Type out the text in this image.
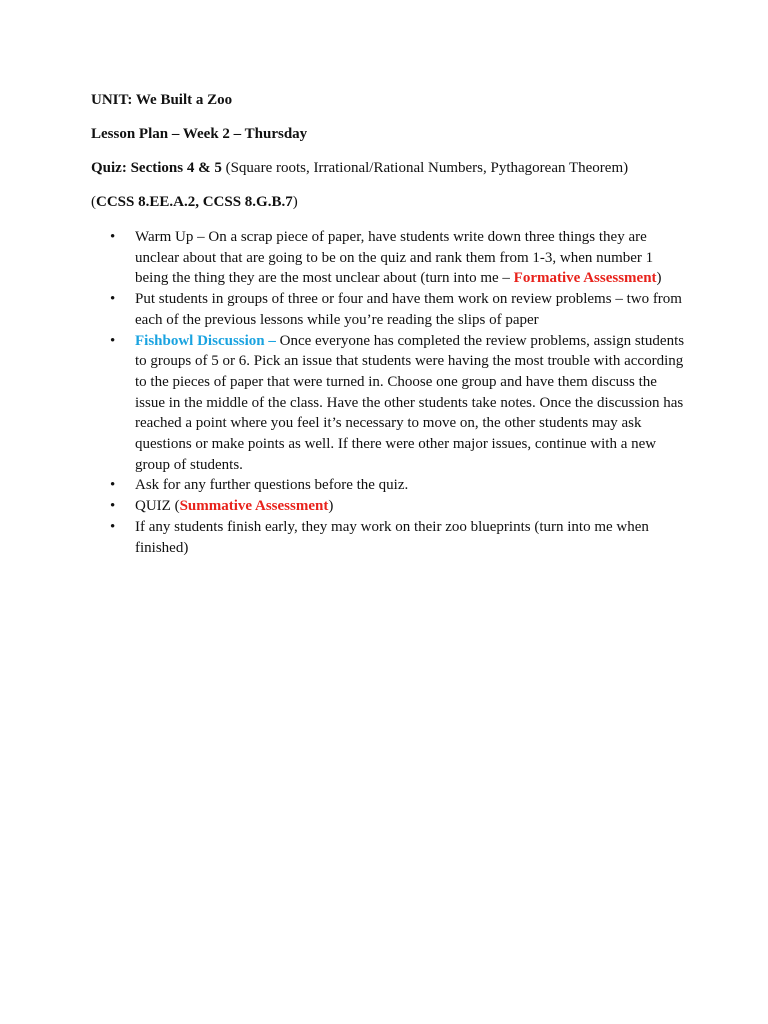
UNIT: We Built a Zoo
Lesson Plan – Week 2 – Thursday
Quiz: Sections 4 & 5 (Square roots, Irrational/Rational Numbers, Pythagorean Theorem)
(CCSS 8.EE.A.2, CCSS 8.G.B.7)
• Warm Up – On a scrap piece of paper, have students write down three things they are unclear about that are going to be on the quiz and rank them from 1-3, when number 1 being the thing they are the most unclear about (turn into me – Formative Assessment)
• Put students in groups of three or four and have them work on review problems – two from each of the previous lessons while you’re reading the slips of paper
• Fishbowl Discussion – Once everyone has completed the review problems, assign students to groups of 5 or 6. Pick an issue that students were having the most trouble with according to the pieces of paper that were turned in. Choose one group and have them discuss the issue in the middle of the class. Have the other students take notes. Once the discussion has reached a point where you feel it’s necessary to move on, the other students may ask questions or make points as well. If there were other major issues, continue with a new group of students.
• Ask for any further questions before the quiz.
• QUIZ (Summative Assessment)
• If any students finish early, they may work on their zoo blueprints (turn into me when finished)
